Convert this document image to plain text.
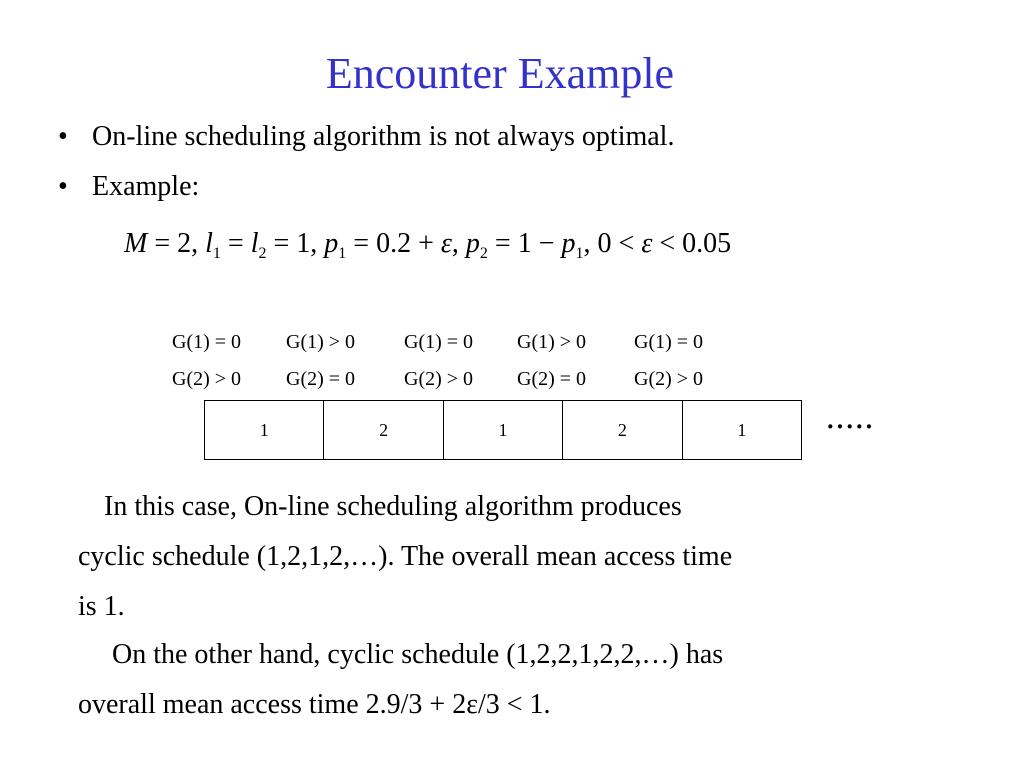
Encounter Example
• On-line scheduling algorithm is not always optimal.
• Example:
M = 2, $l_1 = l_2 = 1$, $p_1 = 0.2 + \varepsilon$, $p_2 = 1 - p_1$, 0 < ε < 0.05
G(1) = 0 G(1) > 0 G(1) = 0 G(1) > 0 G(1) = 0
G(2) > 0 G(2) = 0 G(2) > 0 G(2) = 0 G(2) > 0
1	2	1	2	1	·····
In this case, On-line scheduling algorithm produces
cyclic schedule (1,2,1,2,…). The overall mean access time
is 1.
On the other hand, cyclic schedule (1,2,2,1,2,2,…) has
overall mean access time 2.9/3 + 2ε/3 < 1.
